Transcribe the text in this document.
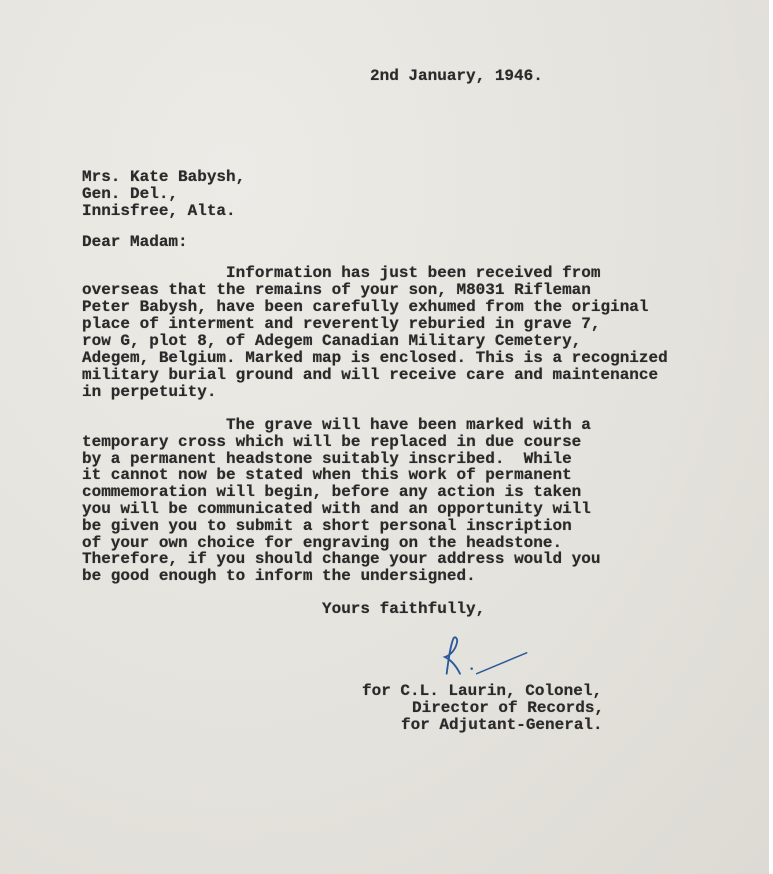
2nd January, 1946.
Mrs. Kate Babysh,
Gen. Del.,
Innisfree, Alta.
Dear Madam:
Information has just been received from
overseas that the remains of your son, M8031 Rifleman
Peter Babysh, have been carefully exhumed from the original
place of interment and reverently reburied in grave 7,
row G, plot 8, of Adegem Canadian Military Cemetery,
Adegem, Belgium. Marked map is enclosed. This is a recognized
military burial ground and will receive care and maintenance
in perpetuity.
The grave will have been marked with a
temporary cross which will be replaced in due course
by a permanent headstone suitably inscribed.  While
it cannot now be stated when this work of permanent
commemoration will begin, before any action is taken
you will be communicated with and an opportunity will
be given you to submit a short personal inscription
of your own choice for engraving on the headstone.
Therefore, if you should change your address would you
be good enough to inform the undersigned.
Yours faithfully,
for C.L. Laurin, Colonel,
Director of Records,
for Adjutant-General.
